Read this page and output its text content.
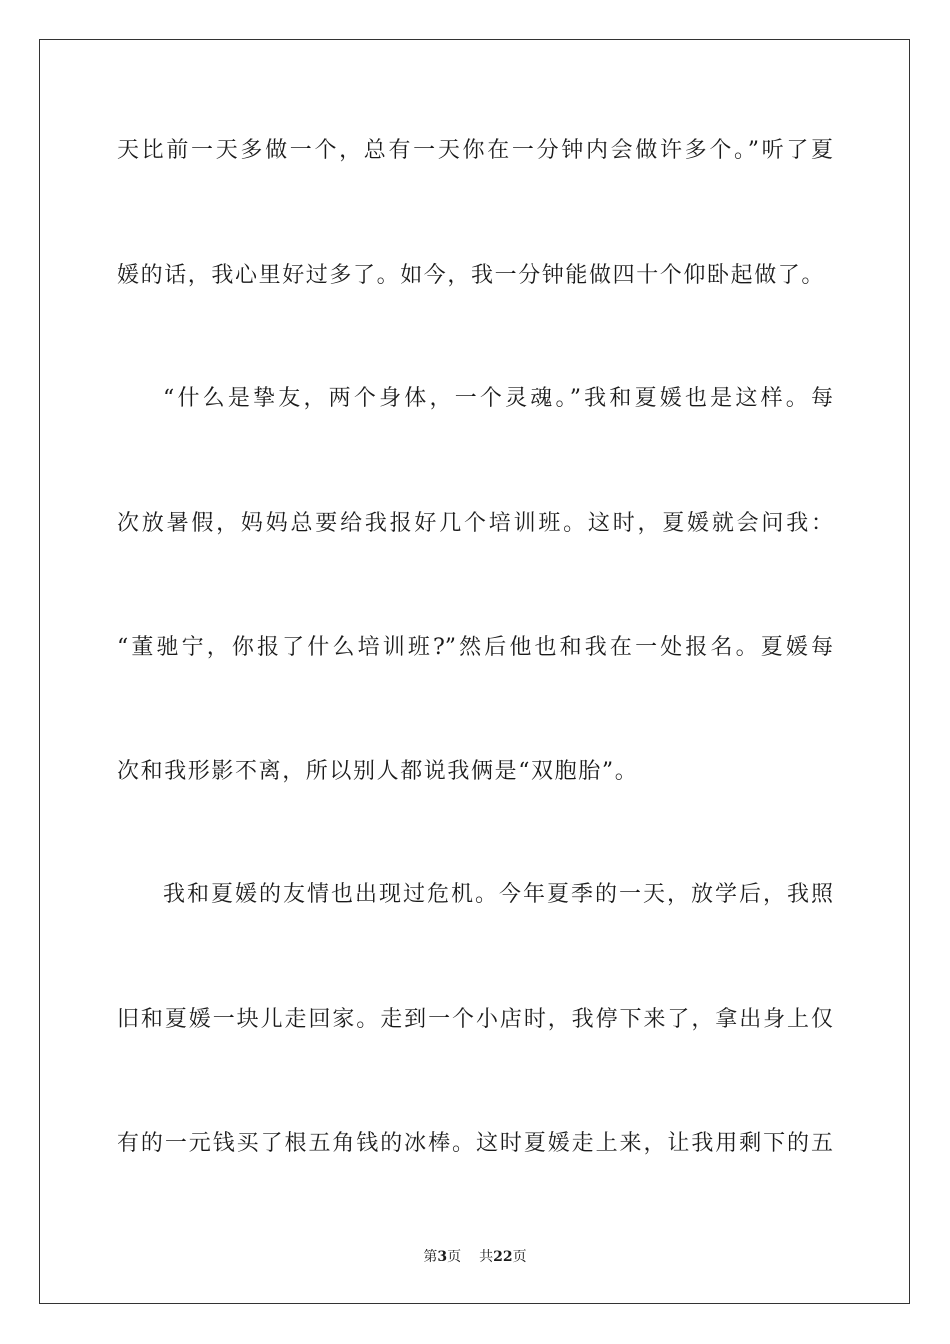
天比前一天多做一个，总有一天你在一分钟内会做许多个。”听了夏
媛的话，我心里好过多了。如今，我一分钟能做四十个仰卧起做了。
“什么是挚友，两个身体，一个灵魂。”我和夏媛也是这样。每
次放暑假，妈妈总要给我报好几个培训班。这时，夏媛就会问我：
“董驰宁，你报了什么培训班?”然后他也和我在一处报名。夏媛每
次和我形影不离，所以别人都说我俩是“双胞胎”。
我和夏媛的友情也出现过危机。今年夏季的一天，放学后，我照
旧和夏媛一块儿走回家。走到一个小店时，我停下来了，拿出身上仅
有的一元钱买了根五角钱的冰棒。这时夏媛走上来，让我用剩下的五
第3页 共22页
